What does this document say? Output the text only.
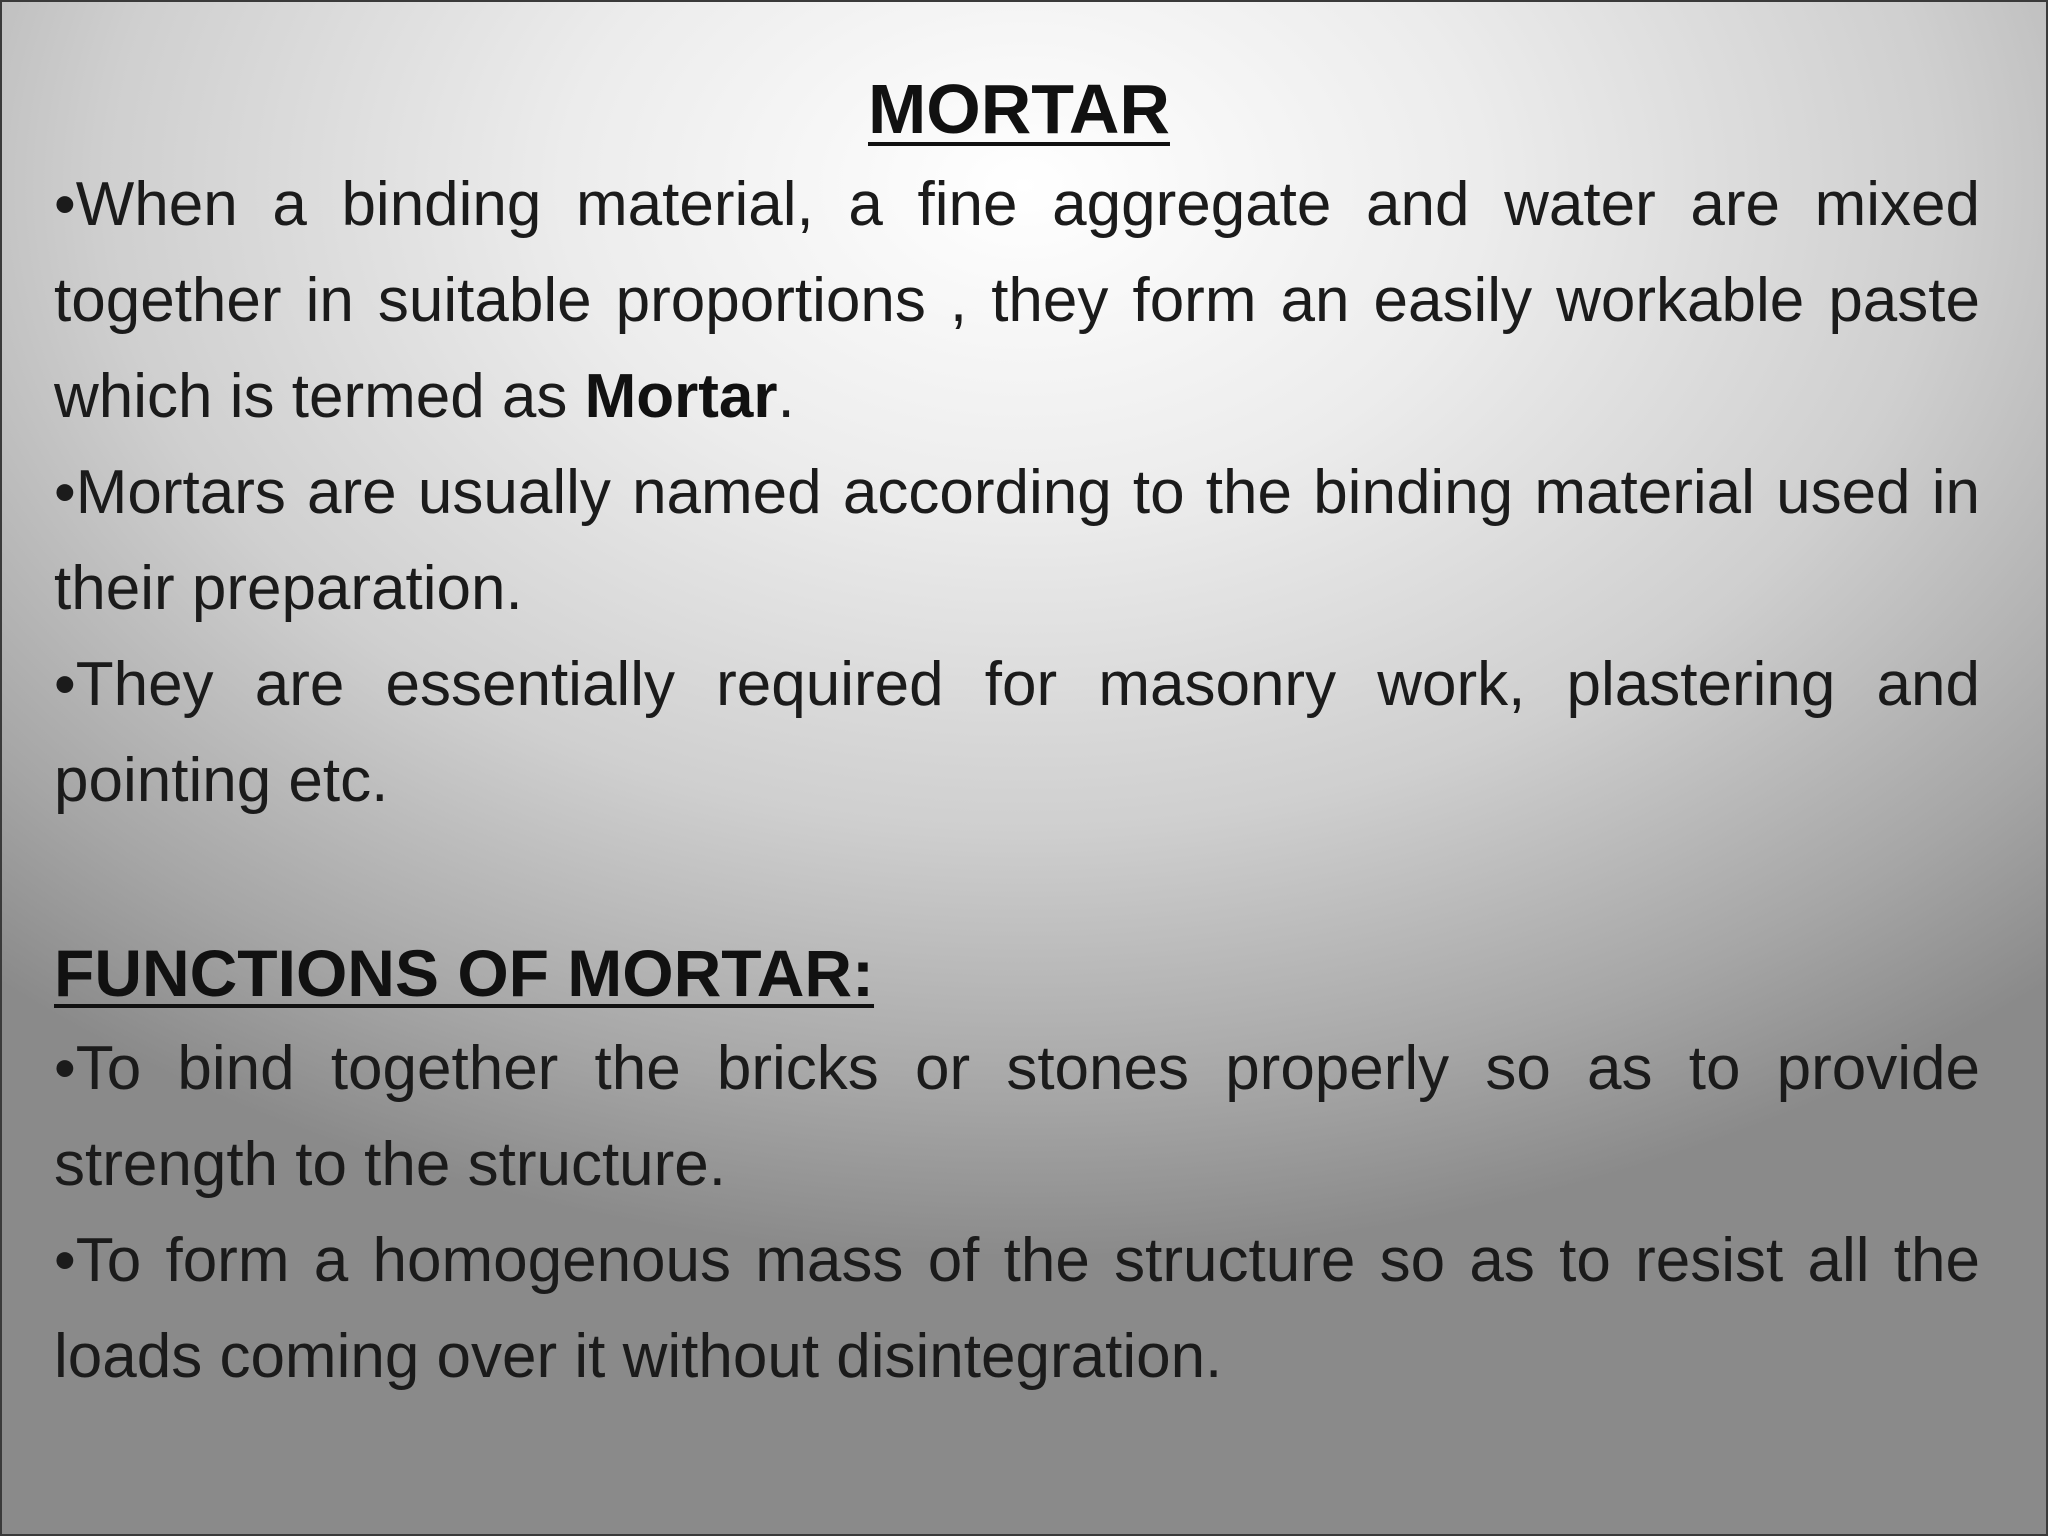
MORTAR

•When a binding material, a fine aggregate and water are mixed together in suitable proportions , they form an easily workable paste which is termed as Mortar.

•Mortars are usually named according to the binding material used in their preparation.

•They are essentially required for masonry work, plastering and pointing etc.

FUNCTIONS OF MORTAR:

•To bind together the bricks or stones properly so as to provide strength to the structure.

•To form a homogenous mass of the structure so as to resist all the loads coming over it without disintegration.
